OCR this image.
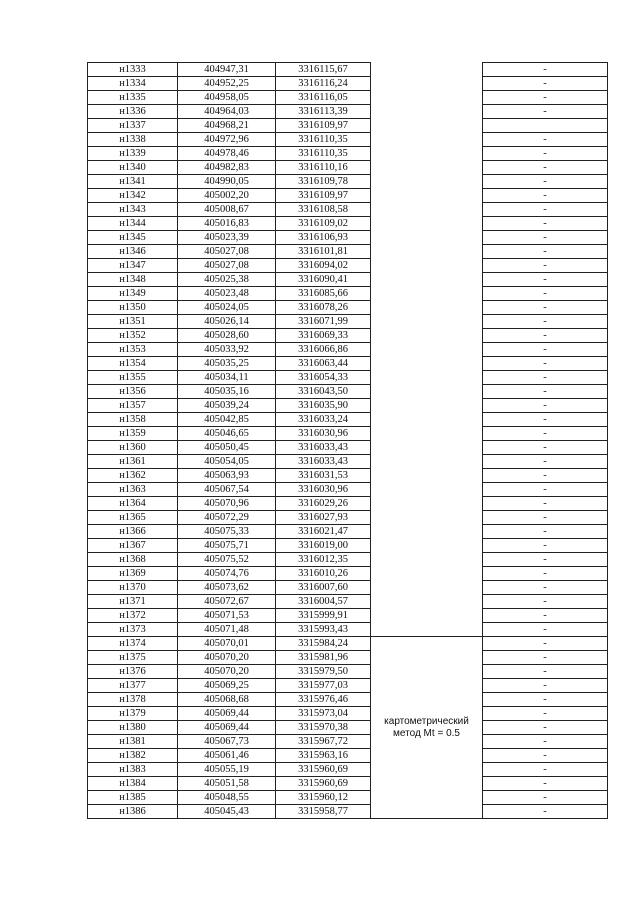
н1333	404947,31	3316115,67		-
н1334	404952,25	3316116,24		-
н1335	404958,05	3316116,05		-
н1336	404964,03	3316113,39		-
н1337	404968,21	3316109,97		
н1338	404972,96	3316110,35		-
н1339	404978,46	3316110,35		-
н1340	404982,83	3316110,16		-
н1341	404990,05	3316109,78		-
н1342	405002,20	3316109,97		-
н1343	405008,67	3316108,58		-
н1344	405016,83	3316109,02		-
н1345	405023,39	3316106,93		-
н1346	405027,08	3316101,81		-
н1347	405027,08	3316094,02		-
н1348	405025,38	3316090,41		-
н1349	405023,48	3316085,66		-
н1350	405024,05	3316078,26		-
н1351	405026,14	3316071,99		-
н1352	405028,60	3316069,33		-
н1353	405033,92	3316066,86		-
н1354	405035,25	3316063,44		-
н1355	405034,11	3316054,33		-
н1356	405035,16	3316043,50		-
н1357	405039,24	3316035,90		-
н1358	405042,85	3316033,24		-
н1359	405046,65	3316030,96		-
н1360	405050,45	3316033,43		-
н1361	405054,05	3316033,43		-
н1362	405063,93	3316031,53		-
н1363	405067,54	3316030,96		-
н1364	405070,96	3316029,26		-
н1365	405072,29	3316027,93		-
н1366	405075,33	3316021,47		-
н1367	405075,71	3316019,00		-
н1368	405075,52	3316012,35		-
н1369	405074,76	3316010,26		-
н1370	405073,62	3316007,60		-
н1371	405072,67	3316004,57		-
н1372	405071,53	3315999,91		-
н1373	405071,48	3315993,43		-
н1374	405070,01	3315984,24	картометрический
метод Mt = 0.5	-
н1375	405070,20	3315981,96		-
н1376	405070,20	3315979,50		-
н1377	405069,25	3315977,03		-
н1378	405068,68	3315976,46		-
н1379	405069,44	3315973,04		-
н1380	405069,44	3315970,38		-
н1381	405067,73	3315967,72		-
н1382	405061,46	3315963,16		-
н1383	405055,19	3315960,69		-
н1384	405051,58	3315960,69		-
н1385	405048,55	3315960,12		-
н1386	405045,43	3315958,77		-
